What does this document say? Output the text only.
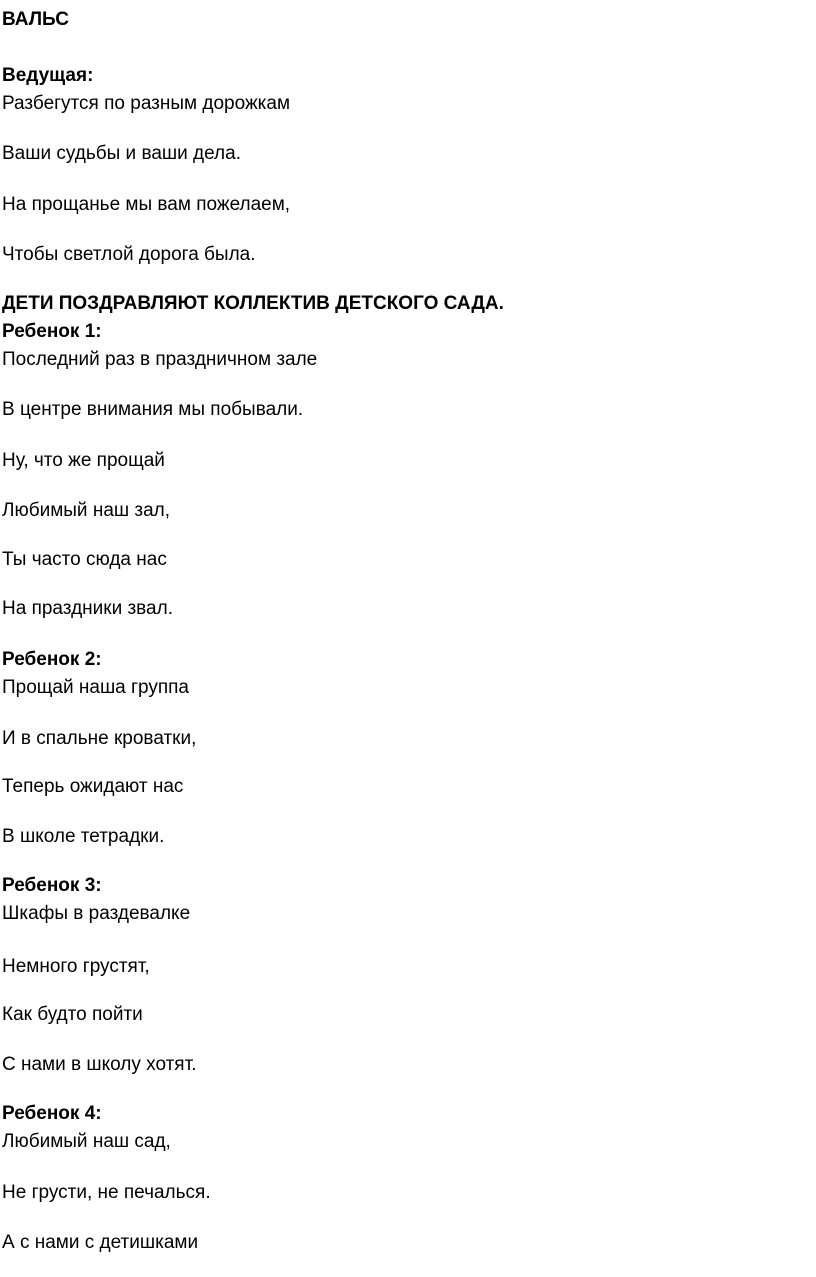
ВАЛЬС

Ведущая:

Разбегутся по разным дорожкам

Ваши судьбы и ваши дела.

На прощанье мы вам пожелаем,

Чтобы светлой дорога была.

ДЕТИ ПОЗДРАВЛЯЮТ КОЛЛЕКТИВ ДЕТСКОГО САДА.

Ребенок 1:

Последний раз в праздничном зале

В центре внимания мы побывали.

Ну, что же прощай

Любимый наш зал,

Ты часто сюда нас

На праздники звал.

Ребенок 2:

Прощай наша группа

И в спальне кроватки,

Теперь ожидают нас

В школе тетрадки.

Ребенок 3:

Шкафы в раздевалке

Немного грустят,

Как будто пойти

С нами в школу хотят.

Ребенок 4:

Любимый наш сад,

Не грусти, не печалься.

А с нами с детишками
